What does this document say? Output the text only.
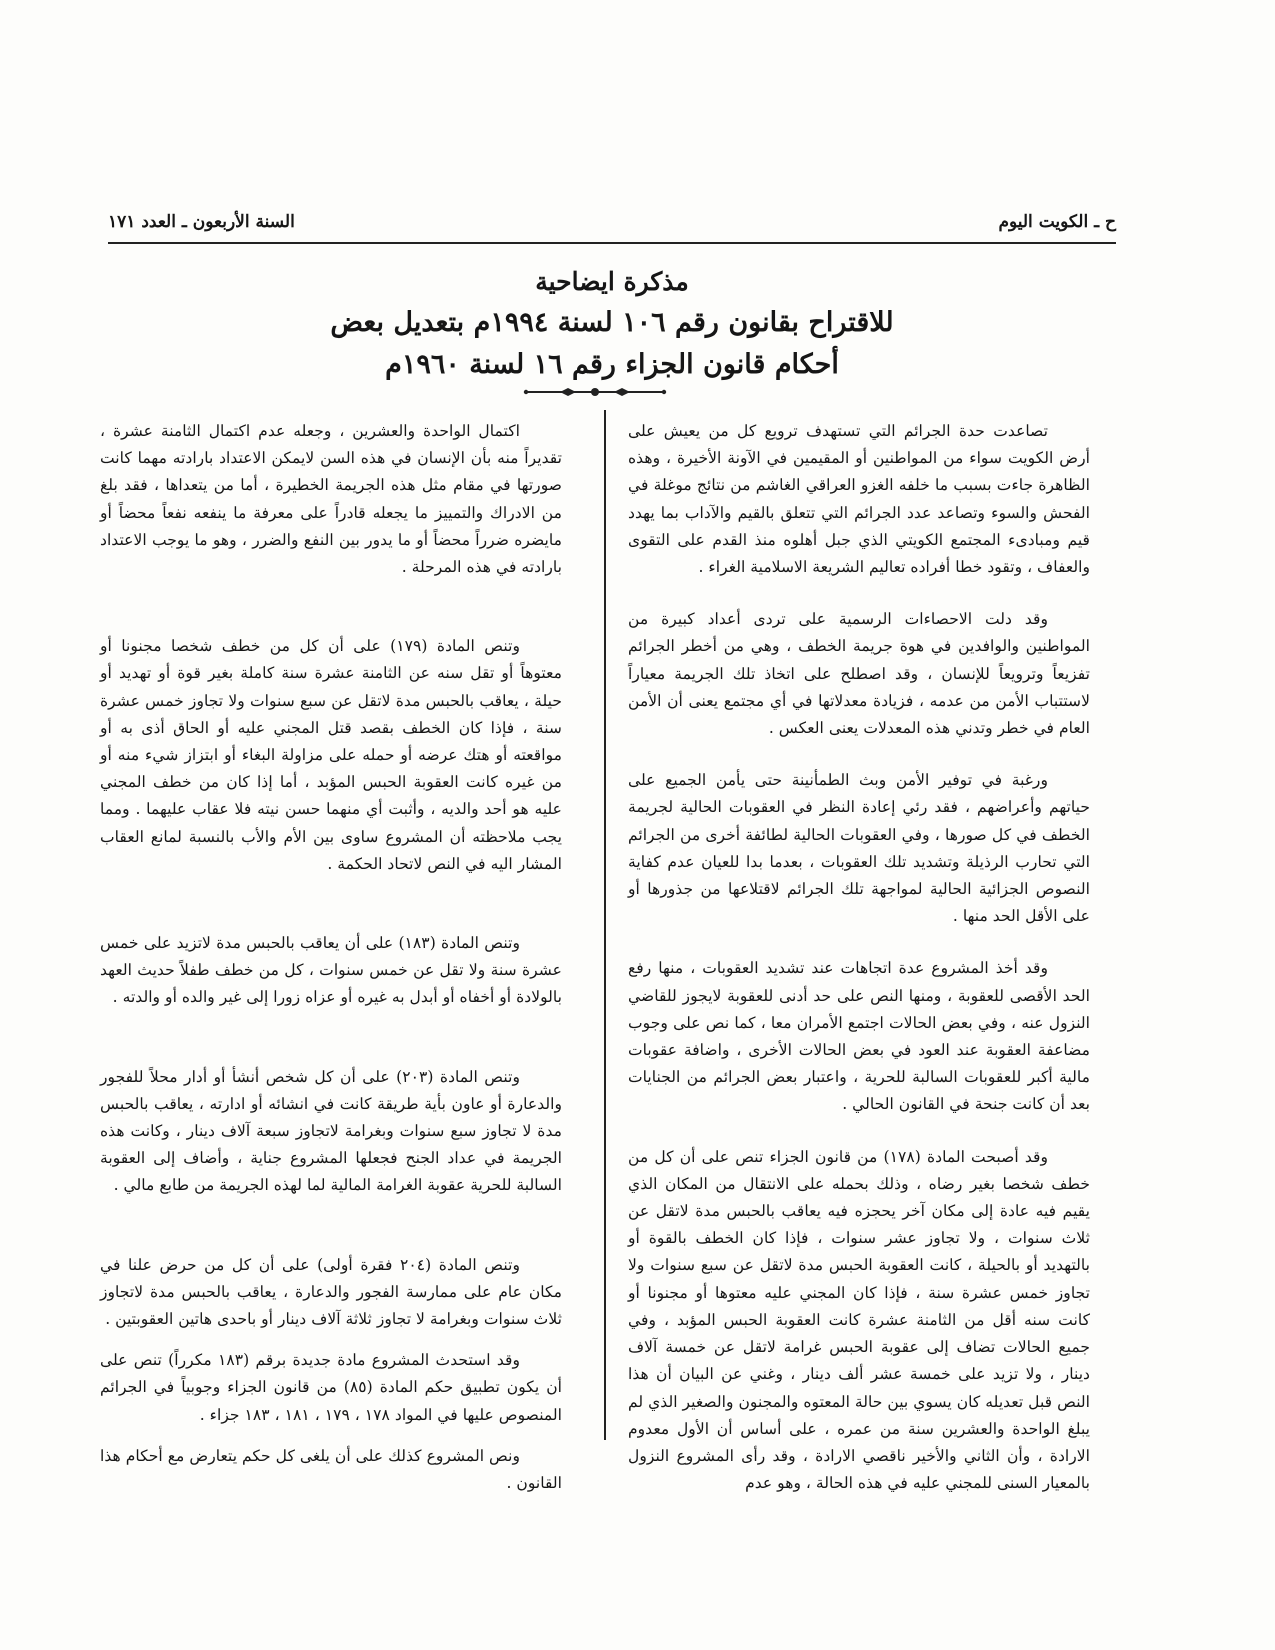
ح ـ الكويت اليوم
السنة الأربعون ـ العدد ١٧١
مذكرة ايضاحية
للاقتراح بقانون رقم ١٠٦ لسنة ١٩٩٤م بتعديل بعض
أحكام قانون الجزاء رقم ١٦ لسنة ١٩٦٠م

تصاعدت حدة الجرائم التي تستهدف ترويع كل من يعيش على أرض الكويت سواء من المواطنين أو المقيمين في الآونة الأخيرة ، وهذه الظاهرة جاءت بسبب ما خلفه الغزو العراقي الغاشم من نتائج موغلة في الفحش والسوء وتصاعد عدد الجرائم التي تتعلق بالقيم والآداب بما يهدد قيم ومبادىء المجتمع الكويتي الذي جبل أهلوه منذ القدم على التقوى والعفاف ، وتقود خطا أفراده تعاليم الشريعة الاسلامية الغراء .

وقد دلت الاحصاءات الرسمية على تردى أعداد كبيرة من المواطنين والوافدين في هوة جريمة الخطف ، وهي من أخطر الجرائم تفزيعاً وترويعاً للإنسان ، وقد اصطلح على اتخاذ تلك الجريمة معياراً لاستتباب الأمن من عدمه ، فزيادة معدلاتها في أي مجتمع يعنى أن الأمن العام في خطر وتدني هذه المعدلات يعنى العكس .

ورغبة في توفير الأمن وبث الطمأنينة حتى يأمن الجميع على حياتهم وأعراضهم ، فقد رئي إعادة النظر في العقوبات الحالية لجريمة الخطف في كل صورها ، وفي العقوبات الحالية لطائفة أخرى من الجرائم التي تحارب الرذيلة وتشديد تلك العقوبات ، بعدما بدا للعيان عدم كفاية النصوص الجزائية الحالية لمواجهة تلك الجرائم لاقتلاعها من جذورها أو على الأقل الحد منها .

وقد أخذ المشروع عدة اتجاهات عند تشديد العقوبات ، منها رفع الحد الأقصى للعقوبة ، ومنها النص على حد أدنى للعقوبة لايجوز للقاضي النزول عنه ، وفي بعض الحالات اجتمع الأمران معا ، كما نص على وجوب مضاعفة العقوبة عند العود في بعض الحالات الأخرى ، واضافة عقوبات مالية أكبر للعقوبات السالبة للحرية ، واعتبار بعض الجرائم من الجنايات بعد أن كانت جنحة في القانون الحالي .

وقد أصبحت المادة (١٧٨) من قانون الجزاء تنص على أن كل من خطف شخصا بغير رضاه ، وذلك بحمله على الانتقال من المكان الذي يقيم فيه عادة إلى مكان آخر يحجزه فيه يعاقب بالحبس مدة لاتقل عن ثلاث سنوات ، ولا تجاوز عشر سنوات ، فإذا كان الخطف بالقوة أو بالتهديد أو بالحيلة ، كانت العقوبة الحبس مدة لاتقل عن سبع سنوات ولا تجاوز خمس عشرة سنة ، فإذا كان المجني عليه معتوها أو مجنونا أو كانت سنه أقل من الثامنة عشرة كانت العقوبة الحبس المؤبد ، وفي جميع الحالات تضاف إلى عقوبة الحبس غرامة لاتقل عن خمسة آلاف دينار ، ولا تزيد على خمسة عشر ألف دينار ، وغني عن البيان أن هذا النص قبل تعديله كان يسوي بين حالة المعتوه والمجنون والصغير الذي لم يبلغ الواحدة والعشرين سنة من عمره ، على أساس أن الأول معدوم الارادة ، وأن الثاني والأخير ناقصي الارادة ، وقد رأى المشروع النزول بالمعيار السنى للمجني عليه في هذه الحالة ، وهو عدم

اكتمال الواحدة والعشرين ، وجعله عدم اكتمال الثامنة عشرة ، تقديراً منه بأن الإنسان في هذه السن لايمكن الاعتداد بارادته مهما كانت صورتها في مقام مثل هذه الجريمة الخطيرة ، أما من يتعداها ، فقد بلغ من الادراك والتمييز ما يجعله قادراً على معرفة ما ينفعه نفعاً محضاً أو مايضره ضرراً محضاً أو ما يدور بين النفع والضرر ، وهو ما يوجب الاعتداد بارادته في هذه المرحلة .

وتنص المادة (١٧٩) على أن كل من خطف شخصا مجنونا أو معتوهاً أو تقل سنه عن الثامنة عشرة سنة كاملة بغير قوة أو تهديد أو حيلة ، يعاقب بالحبس مدة لاتقل عن سبع سنوات ولا تجاوز خمس عشرة سنة ، فإذا كان الخطف بقصد قتل المجني عليه أو الحاق أذى به أو مواقعته أو هتك عرضه أو حمله على مزاولة البغاء أو ابتزاز شيء منه أو من غيره كانت العقوبة الحبس المؤبد ، أما إذا كان من خطف المجني عليه هو أحد والديه ، وأثبت أي منهما حسن نيته فلا عقاب عليهما . ومما يجب ملاحظته أن المشروع ساوى بين الأم والأب بالنسبة لمانع العقاب المشار اليه في النص لاتحاد الحكمة .

وتنص المادة (١٨٣) على أن يعاقب بالحبس مدة لاتزيد على خمس عشرة سنة ولا تقل عن خمس سنوات ، كل من خطف طفلاً حديث العهد بالولادة أو أخفاه أو أبدل به غيره أو عزاه زورا إلى غير والده أو والدته .

وتنص المادة (٢٠٣) على أن كل شخص أنشأ أو أدار محلاً للفجور والدعارة أو عاون بأية طريقة كانت في انشائه أو ادارته ، يعاقب بالحبس مدة لا تجاوز سبع سنوات وبغرامة لاتجاوز سبعة آلاف دينار ، وكانت هذه الجريمة في عداد الجنح فجعلها المشروع جناية ، وأضاف إلى العقوبة السالبة للحرية عقوبة الغرامة المالية لما لهذه الجريمة من طابع مالي .

وتنص المادة (٢٠٤ فقرة أولى) على أن كل من حرض علنا في مكان عام على ممارسة الفجور والدعارة ، يعاقب بالحبس مدة لاتجاوز ثلاث سنوات وبغرامة لا تجاوز ثلاثة آلاف دينار أو باحدى هاتين العقوبتين .

وقد استحدث المشروع مادة جديدة برقم (١٨٣ مكرراً) تنص على أن يكون تطبيق حكم المادة (٨٥) من قانون الجزاء وجوبياً في الجرائم المنصوص عليها في المواد ١٧٨ ، ١٧٩ ، ١٨١ ، ١٨٣ جزاء .

ونص المشروع كذلك على أن يلغى كل حكم يتعارض مع أحكام هذا القانون .
